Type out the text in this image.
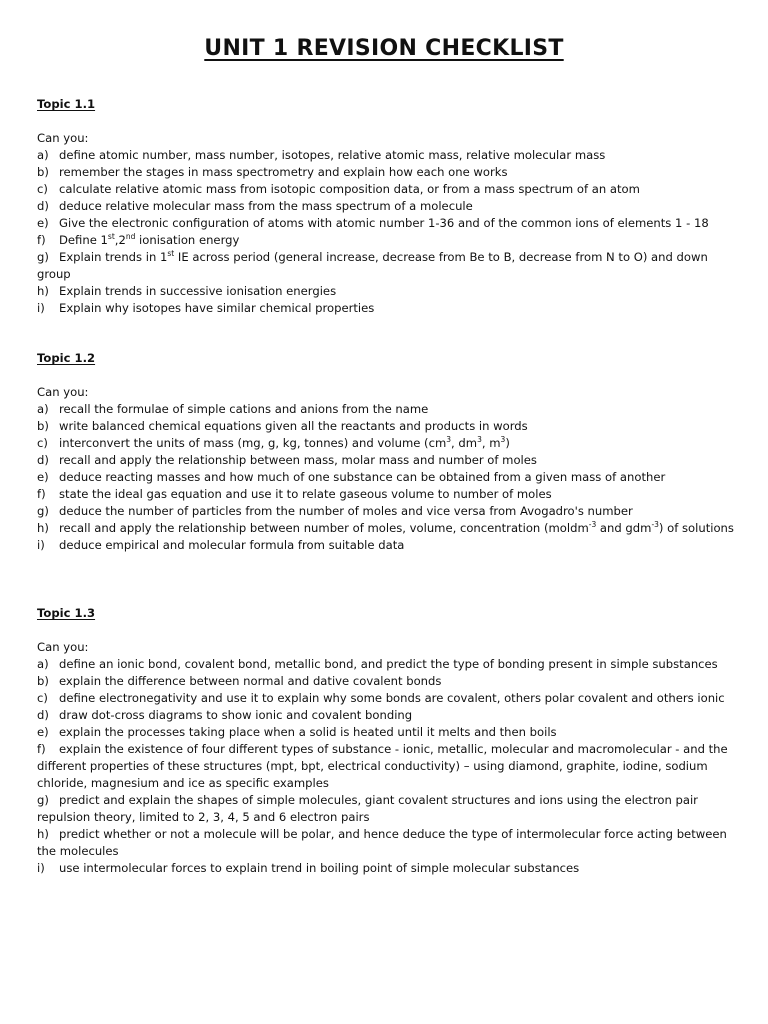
UNIT 1 REVISION CHECKLIST
Topic 1.1
Can you:
a) define atomic number, mass number, isotopes, relative atomic mass, relative molecular mass
b) remember the stages in mass spectrometry and explain how each one works
c) calculate relative atomic mass from isotopic composition data, or from a mass spectrum of an atom
d) deduce relative molecular mass from the mass spectrum of a molecule
e) Give the electronic configuration of atoms with atomic number 1-36 and of the common ions of elements 1 - 18
f) Define 1st,2nd ionisation energy
g) Explain trends in 1st IE across period (general increase, decrease from Be to B, decrease from N to O) and down group
h) Explain trends in successive ionisation energies
i) Explain why isotopes have similar chemical properties
Topic 1.2
Can you:
a) recall the formulae of simple cations and anions from the name
b) write balanced chemical equations given all the reactants and products in words
c) interconvert the units of mass (mg, g, kg, tonnes) and volume ($cm^3$, $dm^3$, $m^3$)
d) recall and apply the relationship between mass, molar mass and number of moles
e) deduce reacting masses and how much of one substance can be obtained from a given mass of another
f) state the ideal gas equation and use it to relate gaseous volume to number of moles
g) deduce the number of particles from the number of moles and vice versa from Avogadro's number
h) recall and apply the relationship between number of moles, volume, concentration (moldm$^{-3}$ and gdm$^{-3}$) of solutions
i) deduce empirical and molecular formula from suitable data
Topic 1.3
Can you:
a) define an ionic bond, covalent bond, metallic bond, and predict the type of bonding present in simple substances
b) explain the difference between normal and dative covalent bonds
c) define electronegativity and use it to explain why some bonds are covalent, others polar covalent and others ionic
d) draw dot-cross diagrams to show ionic and covalent bonding
e) explain the processes taking place when a solid is heated until it melts and then boils
f) explain the existence of four different types of substance - ionic, metallic, molecular and macromolecular - and the different properties of these structures (mpt, bpt, electrical conductivity) – using diamond, graphite, iodine, sodium chloride, magnesium and ice as specific examples
g) predict and explain the shapes of simple molecules, giant covalent structures and ions using the electron pair repulsion theory, limited to 2, 3, 4, 5 and 6 electron pairs
h) predict whether or not a molecule will be polar, and hence deduce the type of intermolecular force acting between the molecules
i) use intermolecular forces to explain trend in boiling point of simple molecular substances
